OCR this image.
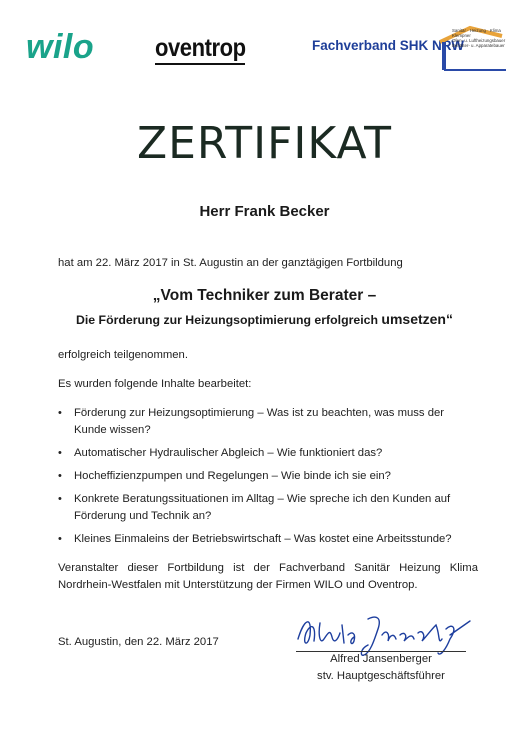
wilo oventrop	Fachverband SHK NRW
Sanitär · Heizung · Klima
Klempner
Ofen- u. Luftheizungsbauer
Behälter- u. Apparatebauer
ZERTIFIKAT
Herr Frank Becker
hat am 22. März 2017 in St. Augustin an der ganztägigen Fortbildung
„Vom Techniker zum Berater –
Die Förderung zur Heizungsoptimierung erfolgreich umsetzen“
erfolgreich teilgenommen.
Es wurden folgende Inhalte bearbeitet:
• Förderung zur Heizungsoptimierung – Was ist zu beachten, was muss der Kunde wissen?
• Automatischer Hydraulischer Abgleich – Wie funktioniert das?
• Hocheffizienzpumpen und Regelungen – Wie binde ich sie ein?
• Konkrete Beratungssituationen im Alltag – Wie spreche ich den Kunden auf Förderung und Technik an?
• Kleines Einmaleins der Betriebswirtschaft – Was kostet eine Arbeitsstunde?
Veranstalter dieser Fortbildung ist der Fachverband Sanitär Heizung Klima Nordrhein-Westfalen mit Unterstützung der Firmen WILO und Oventrop.
St. Augustin, den 22. März 2017
Alfred Jansenberger
stv. Hauptgeschäftsführer
